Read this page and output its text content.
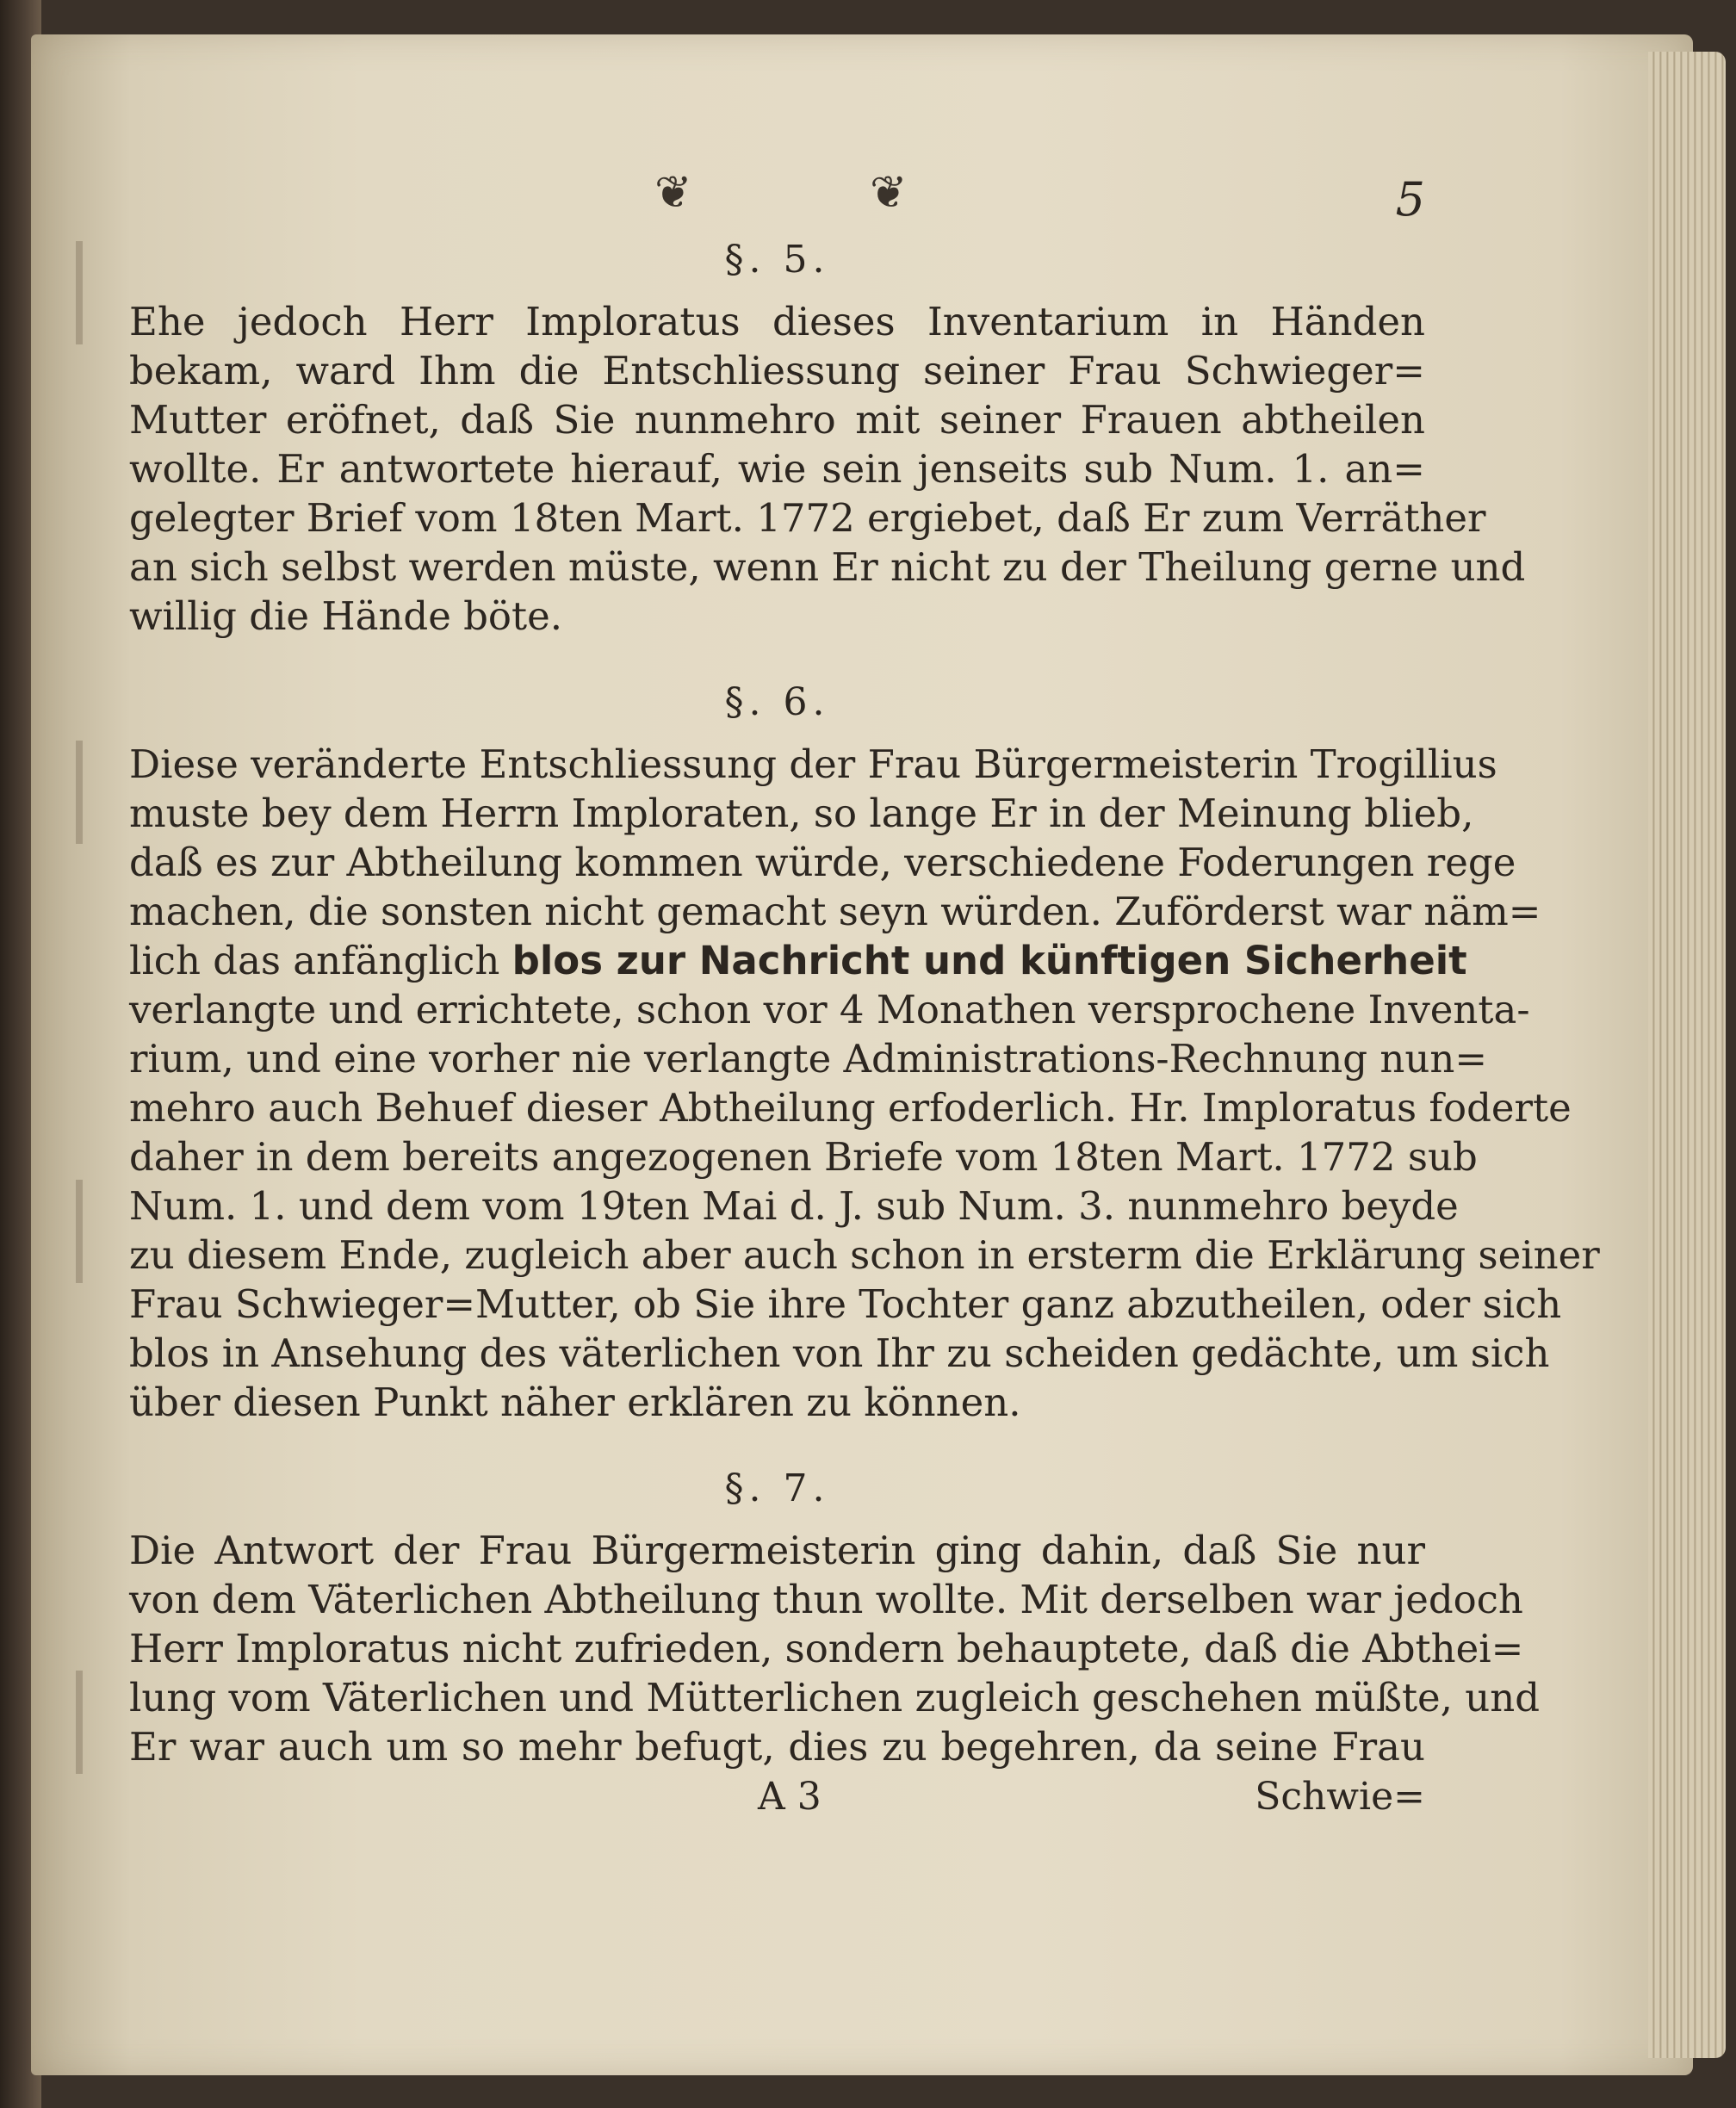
❦	❦	5
§. 5.
Ehe jedoch Herr Imploratus dieses Inventarium in Händen
bekam, ward Ihm die Entschliessung seiner Frau Schwieger=
Mutter eröfnet, daß Sie nunmehro mit seiner Frauen abtheilen
wollte. Er antwortete hierauf, wie sein jenseits sub Num. 1. an=
gelegter Brief vom 18ten Mart. 1772 ergiebet, daß Er zum Verräther
an sich selbst werden müste, wenn Er nicht zu der Theilung gerne und
willig die Hände böte.
§. 6.
Diese veränderte Entschliessung der Frau Bürgermeisterin Trogillius
muste bey dem Herrn Imploraten, so lange Er in der Meinung blieb,
daß es zur Abtheilung kommen würde, verschiedene Foderungen rege
machen, die sonsten nicht gemacht seyn würden. Zuförderst war näm=
lich das anfänglich blos zur Nachricht und künftigen Sicherheit
verlangte und errichtete, schon vor 4 Monathen versprochene Inventa-
rium, und eine vorher nie verlangte Administrations-Rechnung nun=
mehro auch Behuef dieser Abtheilung erfoderlich. Hr. Imploratus foderte
daher in dem bereits angezogenen Briefe vom 18ten Mart. 1772 sub
Num. 1. und dem vom 19ten Mai d. J. sub Num. 3. nunmehro beyde
zu diesem Ende, zugleich aber auch schon in ersterm die Erklärung seiner
Frau Schwieger=Mutter, ob Sie ihre Tochter ganz abzutheilen, oder sich
blos in Ansehung des väterlichen von Ihr zu scheiden gedächte, um sich
über diesen Punkt näher erklären zu können.
§. 7.
Die Antwort der Frau Bürgermeisterin ging dahin, daß Sie nur
von dem Väterlichen Abtheilung thun wollte. Mit derselben war jedoch
Herr Imploratus nicht zufrieden, sondern behauptete, daß die Abthei=
lung vom Väterlichen und Mütterlichen zugleich geschehen müßte, und
Er war auch um so mehr befugt, dies zu begehren, da seine Frau
A 3	Schwie=
